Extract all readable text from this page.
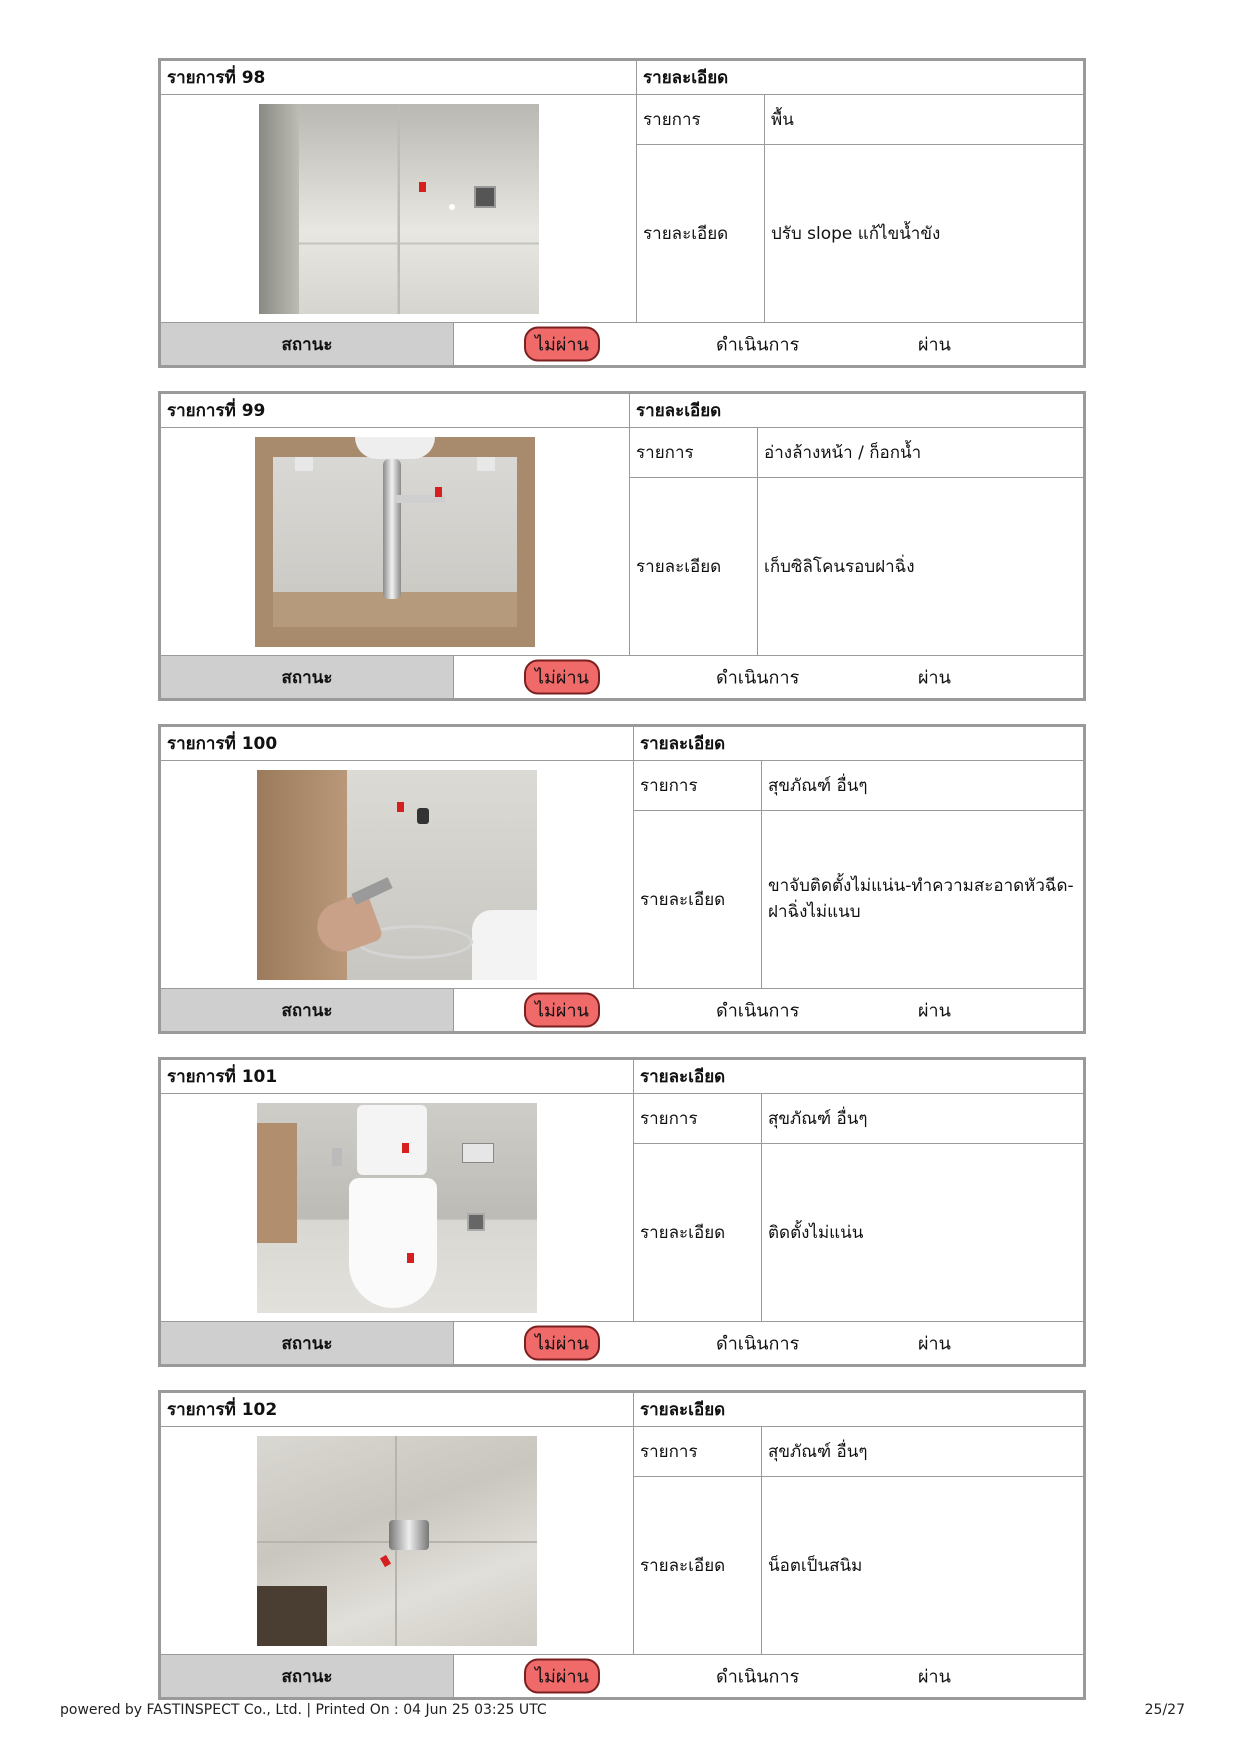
รายการที่ 98		รายละเอียด	

		รายการ	พื้น
		รายละเอียด	ปรับ slope แก้ไขน้ำขัง
สถานะ	ไม่ผ่าน ดำเนินการ ผ่าน		
รายการที่ 99		รายละเอียด	

		รายการ	อ่างล้างหน้า / ก็อกน้ำ
		รายละเอียด	เก็บซิลิโคนรอบฝาฉิ่ง
สถานะ	ไม่ผ่าน ดำเนินการ ผ่าน		
รายการที่ 100		รายละเอียด	

		รายการ	สุขภัณฑ์ อื่นๆ
		รายละเอียด	ขาจับติดตั้งไม่แน่น-ทำความสะอาดหัวฉีด-ฝาฉิ่งไม่แนบ
สถานะ	ไม่ผ่าน ดำเนินการ ผ่าน		
รายการที่ 101		รายละเอียด	

		รายการ	สุขภัณฑ์ อื่นๆ
		รายละเอียด	ติดตั้งไม่แน่น
สถานะ	ไม่ผ่าน ดำเนินการ ผ่าน		
รายการที่ 102		รายละเอียด	

		รายการ	สุขภัณฑ์ อื่นๆ
		รายละเอียด	น็อตเป็นสนิม
สถานะ	ไม่ผ่าน ดำเนินการ ผ่าน		
powered by FASTINSPECT Co., Ltd. | Printed On : 04 Jun 25 03:25 UTC	25/27
